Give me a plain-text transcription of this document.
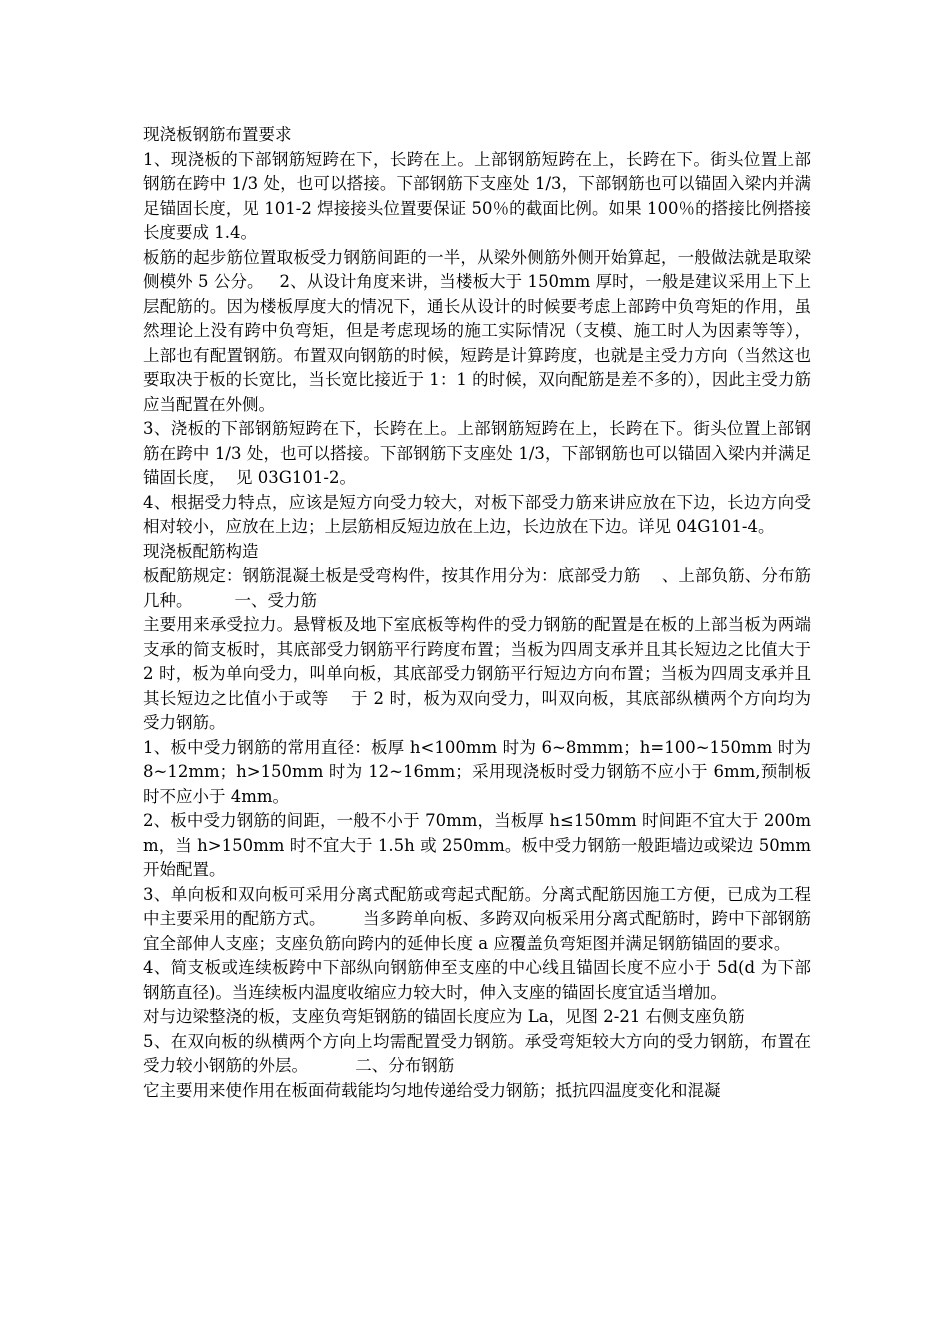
现浇板钢筋布置要求

1、现浇板的下部钢筋短跨在下，长跨在上。上部钢筋短跨在上，长跨在下。街头位置上部钢筋在跨中 1/3 处，也可以搭接。下部钢筋下支座处 1/3，下部钢筋也可以锚固入梁内并满足锚固长度，见 101-2 焊接接头位置要保证 50％的截面比例。如果 100％的搭接比例搭接长度要成 1.4。

板筋的起步筋位置取板受力钢筋间距的一半，从梁外侧筋外侧开始算起，一般做法就是取梁侧模外 5 公分。   2、从设计角度来讲，当楼板大于 150mm 厚时，一般是建议采用上下上层配筋的。因为楼板厚度大的情况下，通长从设计的时候要考虑上部跨中负弯矩的作用，虽然理论上没有跨中负弯矩，但是考虑现场的施工实际情况（支模、施工时人为因素等等），上部也有配置钢筋。布置双向钢筋的时候，短跨是计算跨度，也就是主受力方向（当然这也要取决于板的长宽比，当长宽比接近于 1：1 的时候，双向配筋是差不多的），因此主受力筋应当配置在外侧。

3、浇板的下部钢筋短跨在下，长跨在上。上部钢筋短跨在上，长跨在下。街头位置上部钢筋在跨中 1/3 处，也可以搭接。下部钢筋下支座处 1/3，下部钢筋也可以锚固入梁内并满足锚固长度，  见 03G101-2。

4、根据受力特点，应该是短方向受力较大，对板下部受力筋来讲应放在下边，长边方向受相对较小，应放在上边；上层筋相反短边放在上边，长边放在下边。详见 04G101-4。

现浇板配筋构造

板配筋规定：钢筋混凝土板是受弯构件，按其作用分为：底部受力筋    、上部负筋、分布筋几种。        一、受力筋

主要用来承受拉力。悬臂板及地下室底板等构件的受力钢筋的配置是在板的上部当板为两端支承的简支板时，其底部受力钢筋平行跨度布置；当板为四周支承并且其长短边之比值大于 2 时，板为单向受力，叫单向板，其底部受力钢筋平行短边方向布置；当板为四周支承并且其长短边之比值小于或等    于 2 时，板为双向受力，叫双向板，其底部纵横两个方向均为受力钢筋。

1、板中受力钢筋的常用直径：板厚 h<100mm 时为 6~8mmm；h=100~150mm 时为 8~12mm；h>150mm 时为 12~16mm；采用现浇板时受力钢筋不应小于 6mm,预制板时不应小于 4mm。

2、板中受力钢筋的间距，一般不小于 70mm，当板厚 h≤150mm 时间距不宜大于 200mm，当 h>150mm 时不宜大于 1.5h 或 250mm。板中受力钢筋一般距墙边或梁边 50mm 开始配置。

3、单向板和双向板可采用分离式配筋或弯起式配筋。分离式配筋因施工方便，已成为工程中主要采用的配筋方式。       当多跨单向板、多跨双向板采用分离式配筋时，跨中下部钢筋宜全部伸人支座；支座负筋向跨内的延伸长度 a 应覆盖负弯矩图并满足钢筋锚固的要求。

4、简支板或连续板跨中下部纵向钢筋伸至支座的中心线且锚固长度不应小于 5d(d 为下部钢筋直径)。当连续板内温度收缩应力较大时，伸入支座的锚固长度宜适当增加。

对与边梁整浇的板，支座负弯矩钢筋的锚固长度应为 La，见图 2-21 右侧支座负筋

5、在双向板的纵横两个方向上均需配置受力钢筋。承受弯矩较大方向的受力钢筋，布置在受力较小钢筋的外层。         二、分布钢筋

它主要用来使作用在板面荷载能均匀地传递给受力钢筋；抵抗四温度变化和混凝
